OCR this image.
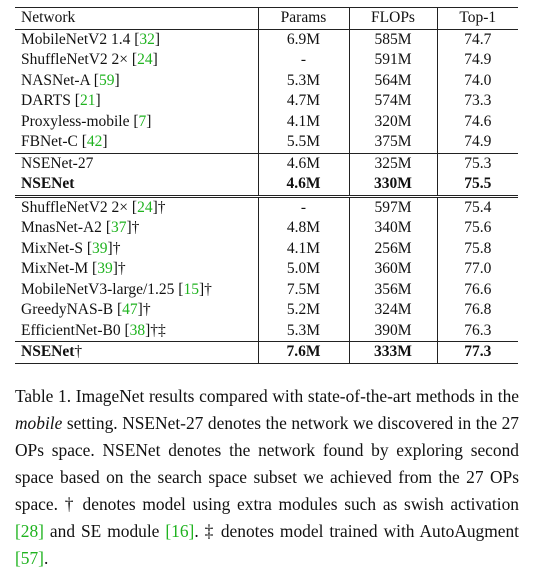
Network	Params	FLOPs	Top-1
MobileNetV2 1.4 [32]	6.9M	585M	74.7
ShuffleNetV2 2× [24]	-	591M	74.9
NASNet-A [59]	5.3M	564M	74.0
DARTS [21]	4.7M	574M	73.3
Proxyless-mobile [7]	4.1M	320M	74.6
FBNet-C [42]	5.5M	375M	74.9
NSENet-27	4.6M	325M	75.3
NSENet	4.6M	330M	75.5
ShuffleNetV2 2× [24]†	-	597M	75.4
MnasNet-A2 [37]†	4.8M	340M	75.6
MixNet-S [39]†	4.1M	256M	75.8
MixNet-M [39]†	5.0M	360M	77.0
MobileNetV3-large/1.25 [15]†	7.5M	356M	76.6
GreedyNAS-B [47]†	5.2M	324M	76.8
EfficientNet-B0 [38]†‡	5.3M	390M	76.3
NSENet†	7.6M	333M	77.3

Table 1. ImageNet results compared with state-of-the-art methods in the mobile setting. NSENet-27 denotes the network we discovered in the 27 OPs space. NSENet denotes the network found by exploring second space based on the search space subset we achieved from the 27 OPs space. † denotes model using extra modules such as swish activation [28] and SE module [16]. ‡ denotes model trained with AutoAugment [57].
